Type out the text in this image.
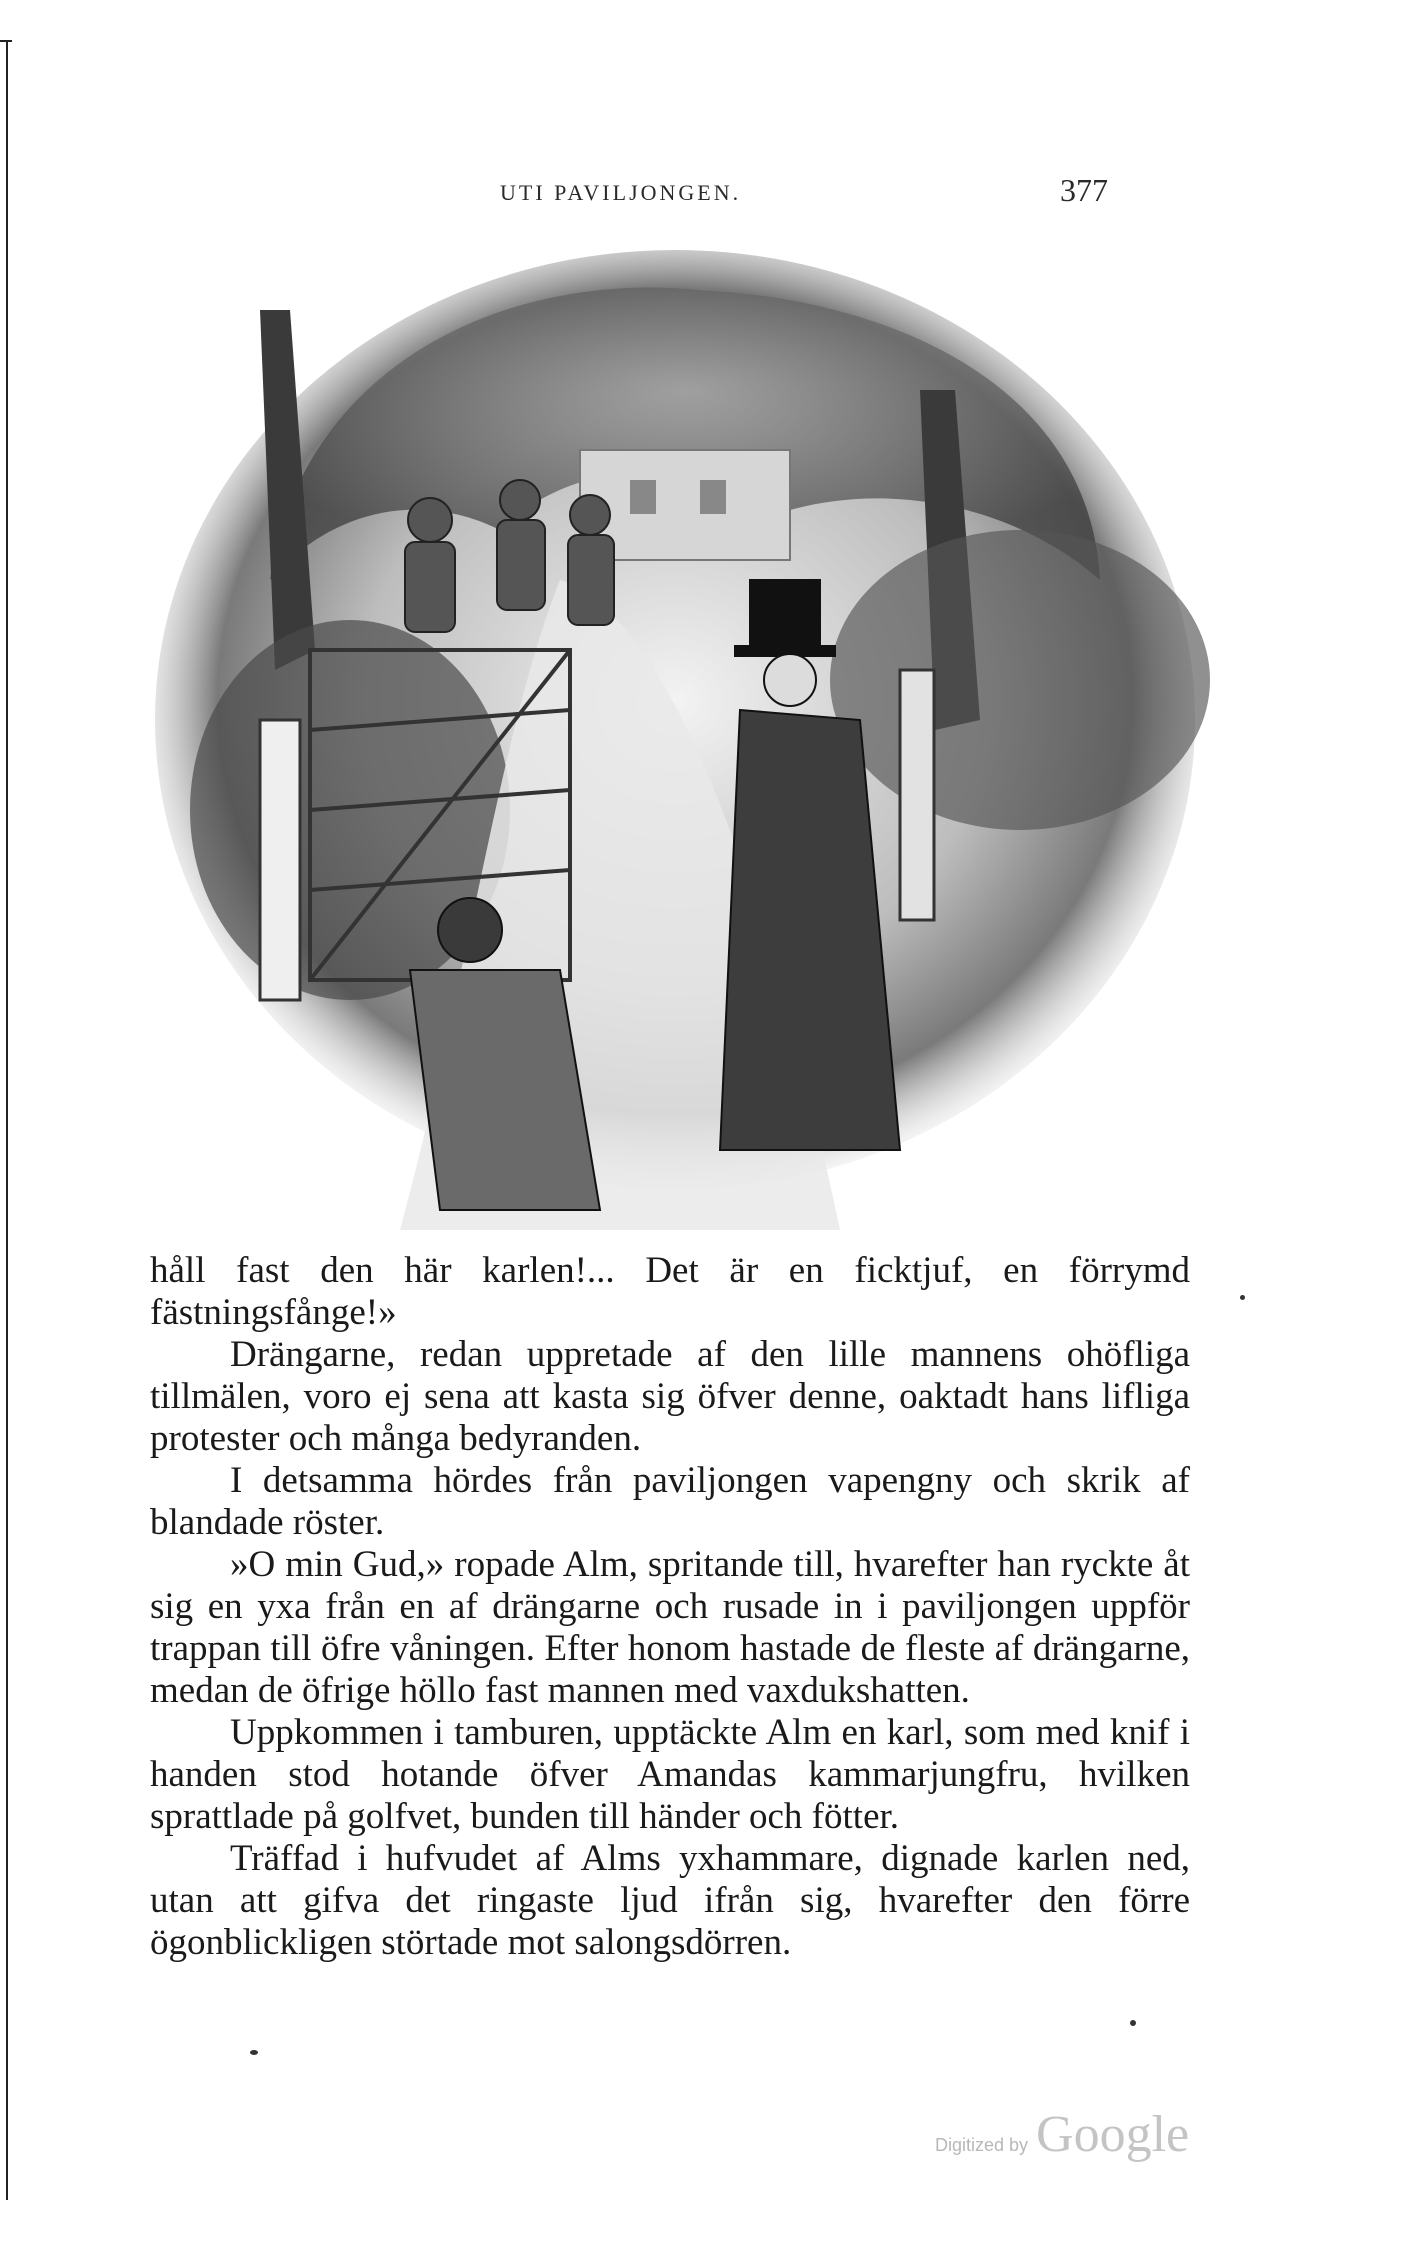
UTI PAVILJONGEN.	377

håll fast den här karlen!... Det är en ficktjuf, en förrymd fästningsfånge!»

Drängarne, redan uppretade af den lille mannens ohöfliga tillmälen, voro ej sena att kasta sig öfver denne, oaktadt hans lifliga protester och många bedyranden.

I detsamma hördes från paviljongen vapengny och skrik af blandade röster.

»O min Gud,» ropade Alm, spritande till, hvarefter han ryckte åt sig en yxa från en af drängarne och rusade in i paviljongen uppför trappan till öfre våningen. Efter honom hastade de fleste af drängarne, medan de öfrige höllo fast mannen med vaxdukshatten.

Uppkommen i tamburen, upptäckte Alm en karl, som med knif i handen stod hotande öfver Amandas kammarjungfru, hvilken sprattlade på golfvet, bunden till händer och fötter.

Träffad i hufvudet af Alms yxhammare, dignade karlen ned, utan att gifva det ringaste ljud ifrån sig, hvarefter den förre ögonblickligen störtade mot salongsdörren.

Digitized by Google
